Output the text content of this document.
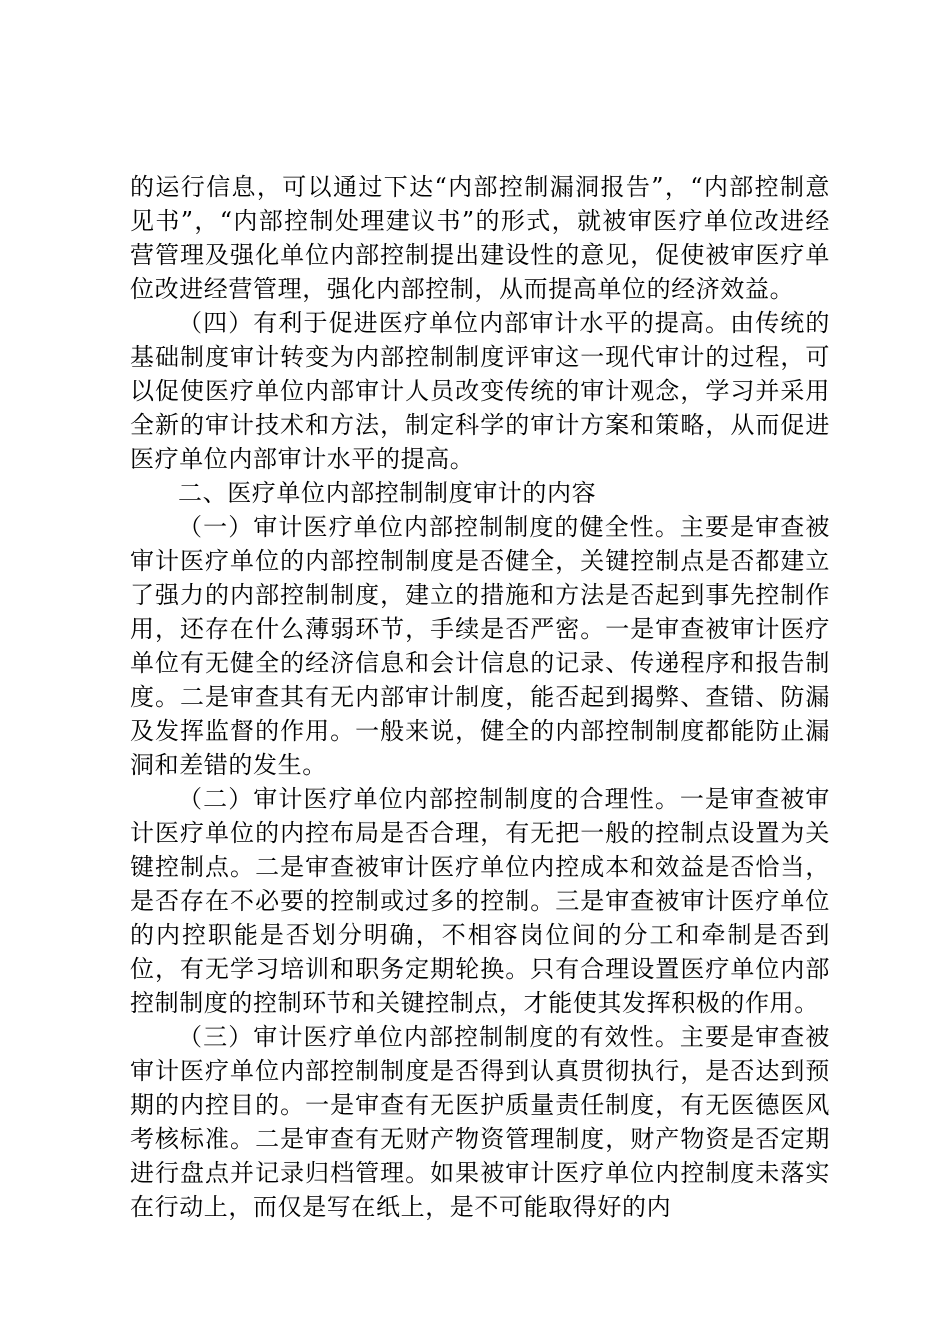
的运行信息，可以通过下达“内部控制漏洞报告”，“内部控制意见书”，“内部控制处理建议书”的形式，就被审医疗单位改进经营管理及强化单位内部控制提出建设性的意见，促使被审医疗单位改进经营管理，强化内部控制，从而提高单位的经济效益。

（四）有利于促进医疗单位内部审计水平的提高。由传统的基础制度审计转变为内部控制制度评审这一现代审计的过程，可以促使医疗单位内部审计人员改变传统的审计观念，学习并采用全新的审计技术和方法，制定科学的审计方案和策略，从而促进医疗单位内部审计水平的提高。

二、医疗单位内部控制制度审计的内容

（一）审计医疗单位内部控制制度的健全性。主要是审查被审计医疗单位的内部控制制度是否健全，关键控制点是否都建立了强力的内部控制制度，建立的措施和方法是否起到事先控制作用，还存在什么薄弱环节，手续是否严密。一是审查被审计医疗单位有无健全的经济信息和会计信息的记录、传递程序和报告制度。二是审查其有无内部审计制度，能否起到揭弊、查错、防漏及发挥监督的作用。一般来说，健全的内部控制制度都能防止漏洞和差错的发生。

（二）审计医疗单位内部控制制度的合理性。一是审查被审计医疗单位的内控布局是否合理，有无把一般的控制点设置为关键控制点。二是审查被审计医疗单位内控成本和效益是否恰当，是否存在不必要的控制或过多的控制。三是审查被审计医疗单位的内控职能是否划分明确，不相容岗位间的分工和牵制是否到位，有无学习培训和职务定期轮换。只有合理设置医疗单位内部控制制度的控制环节和关键控制点，才能使其发挥积极的作用。

（三）审计医疗单位内部控制制度的有效性。主要是审查被审计医疗单位内部控制制度是否得到认真贯彻执行，是否达到预期的内控目的。一是审查有无医护质量责任制度，有无医德医风考核标准。二是审查有无财产物资管理制度，财产物资是否定期进行盘点并记录归档管理。如果被审计医疗单位内控制度未落实在行动上，而仅是写在纸上，是不可能取得好的内
